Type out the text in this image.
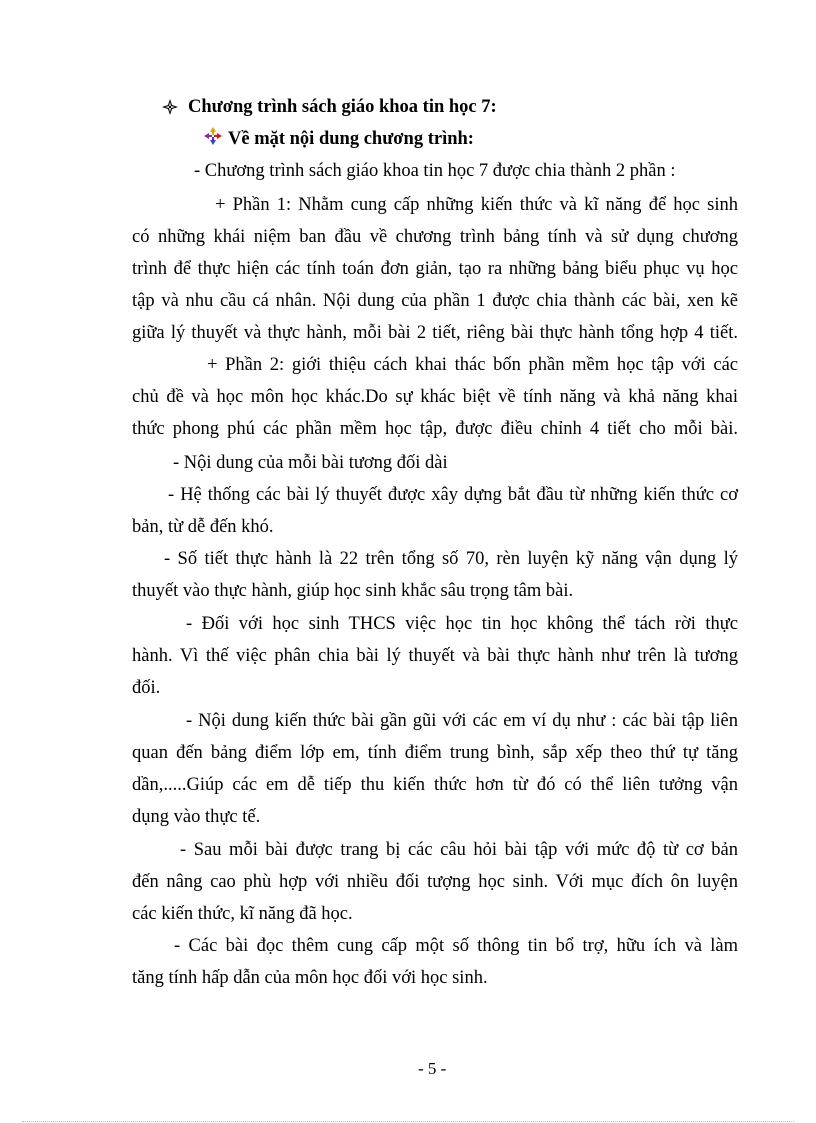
Chương trình sách giáo khoa tin học 7:
Về mặt nội dung chương trình:
- Chương trình sách giáo khoa tin học 7 được chia thành 2 phần :
+ Phần 1: Nhằm cung cấp những kiến thức và kĩ năng để học sinh
có những khái niệm ban đầu về chương trình bảng tính và sử dụng chương
trình để thực hiện các tính toán đơn giản, tạo ra những bảng biểu phục vụ học
tập và nhu cầu cá nhân. Nội dung của phần 1 được chia thành các bài, xen kẽ
giữa lý thuyết và thực hành, mỗi bài 2 tiết, riêng bài thực hành tổng hợp 4 tiết.
+ Phần 2: giới thiệu cách khai thác bốn phần mềm học tập với các
chủ đề và học môn học khác.Do sự khác biệt về tính năng và khả năng khai
thức phong phú các phần mềm học tập, được điều chỉnh 4 tiết cho mỗi bài.
- Nội dung của mỗi bài tương đối dài
- Hệ thống các bài lý thuyết được xây dựng bắt đầu từ những kiến thức cơ
bản, từ dễ đến khó.
- Số tiết thực hành là 22 trên tổng số 70, rèn luyện kỹ năng vận dụng lý
thuyết vào thực hành, giúp học sinh khắc sâu trọng tâm bài.
- Đối với học sinh THCS việc học tin học không thể tách rời thực
hành. Vì thế việc phân chia bài lý thuyết và bài thực hành như trên là tương
đối.
- Nội dung kiến thức bài gần gũi với các em ví dụ như : các bài tập liên
quan đến bảng điểm lớp em, tính điểm trung bình, sắp xếp theo thứ tự tăng
dần,.....Giúp các em dễ tiếp thu kiến thức hơn từ đó có thể liên tưởng vận
dụng vào thực tế.
- Sau mỗi bài được trang bị các câu hỏi bài tập với mức độ từ cơ bản
đến nâng cao phù hợp với nhiều đối tượng học sinh. Với mục đích ôn luyện
các kiến thức, kĩ năng đã học.
- Các bài đọc thêm cung cấp một số thông tin bổ trợ, hữu ích và làm
tăng tính hấp dẫn của môn học đối với học sinh.
- 5 -
